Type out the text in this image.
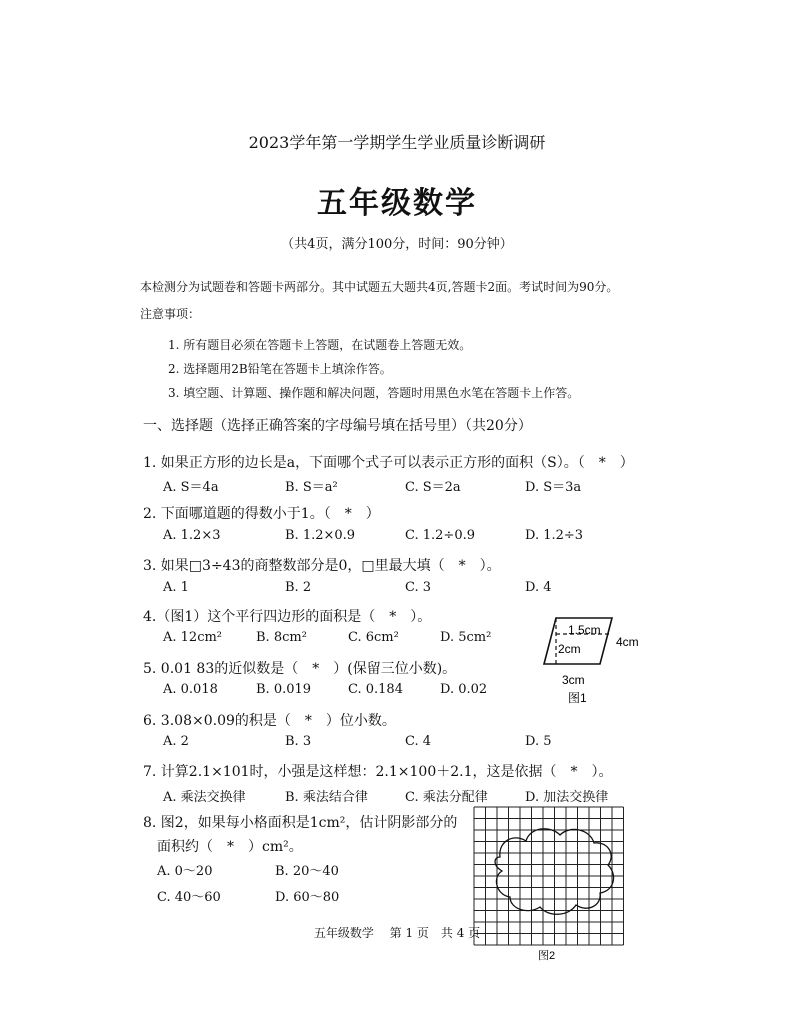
2023学年第一学期学生学业质量诊断调研
五年级数学
（共4页，满分100分，时间：90分钟）
本检测分为试题卷和答题卡两部分。其中试题五大题共4页,答题卡2面。考试时间为90分。
注意事项：
1. 所有题目必须在答题卡上答题，在试题卷上答题无效。
2. 选择题用2B铅笔在答题卡上填涂作答。
3. 填空题、计算题、操作题和解决问题，答题时用黑色水笔在答题卡上作答。
一、选择题（选择正确答案的字母编号填在括号里）（共20分）
1. 如果正方形的边长是a，下面哪个式子可以表示正方形的面积（S）。（　*　）
A. S＝4a	B. S＝a²	C. S＝2a	D. S＝3a
2. 下面哪道题的得数小于1。（　*　）
A. 1.2×3	B. 1.2×0.9	C. 1.2÷0.9	D. 1.2÷3
3. 如果□3÷43的商整数部分是0，□里最大填（　*　）。
A. 1	B. 2	C. 3	D. 4
4.（图1）这个平行四边形的面积是（　*　）。
A. 12cm²	B. 8cm²	C. 6cm²	D. 5cm²
5. 0.01 83的近似数是（　*　）(保留三位小数)。
A. 0.018	B. 0.019	C. 0.184	D. 0.02
6. 3.08×0.09的积是（　*　）位小数。
A. 2	B. 3	C. 4	D. 5
7. 计算2.1×101时，小强是这样想：2.1×100＋2.1，这是依据（　*　）。
A. 乘法交换律	B. 乘法结合律	C. 乘法分配律	D. 加法交换律
8. 图2，如果每小格面积是1cm²，估计阴影部分的
面积约（　*　）cm²。
A. 0～20	B. 20～40
C. 40～60	D. 60～80
1.5cm
4cm
2cm
3cm
图1
图2
五年级数学　 第 1 页　共 4 页
